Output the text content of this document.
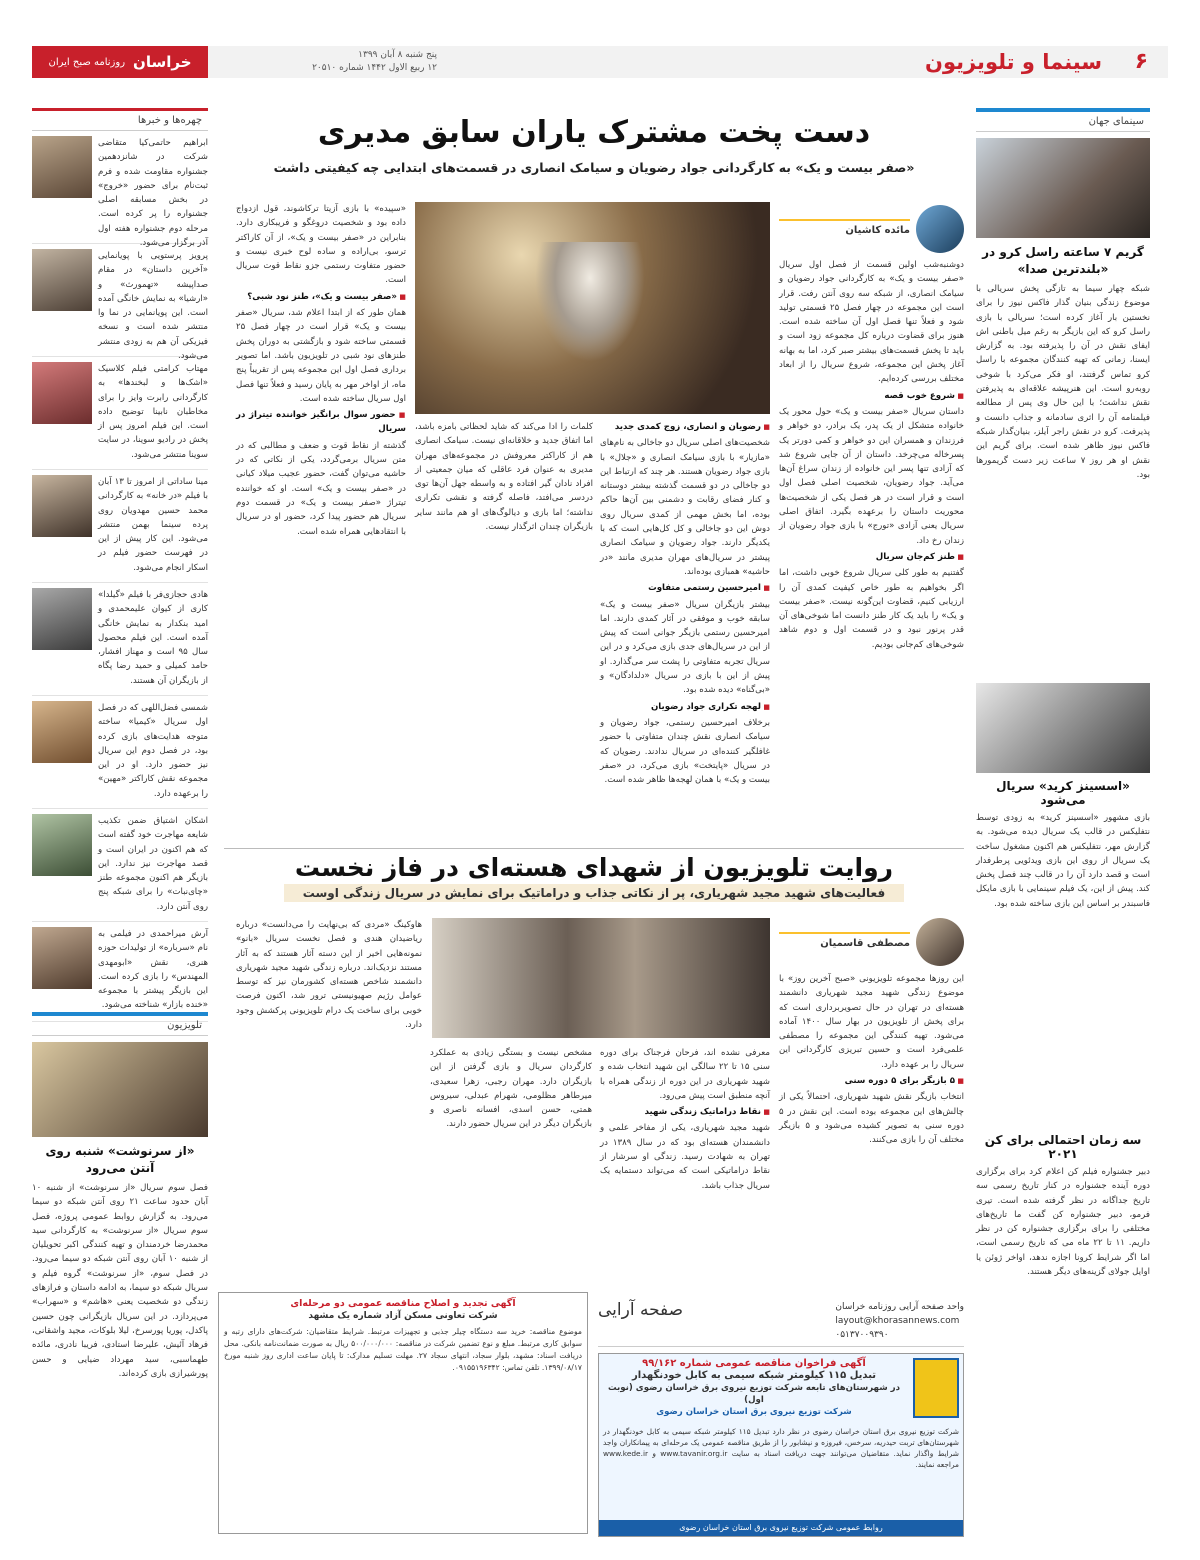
۶
سینما و تلویزیون
پنج شنبه ۸ آبان ۱۳۹۹
۱۲ ربیع الاول ۱۴۴۲ شماره ۲۰۵۱۰
خراسان
روزنامه صبح ایران
سینمای جهان
گریم ۷ ساعته راسل کرو در «بلندترین صدا»
شبکه چهار سیما به تازگی پخش سریالی با موضوع زندگی بنیان گذار فاکس نیوز را برای نخستین بار آغاز کرده است؛ سریالی با بازی راسل کرو که این بازیگر به رغم میل باطنی اش ایفای نقش در آن را پذیرفته بود. به گزارش ایسنا، زمانی که تهیه کنندگان مجموعه با راسل کرو تماس گرفتند، او فکر می‌کرد با شوخی روبه‌رو است. این هنرپیشه علاقه‌ای به پذیرفتن نقش نداشت؛ با این حال وی پس از مطالعه فیلمنامه آن را اثری سادمانه و جذاب دانست و پذیرفت. کرو در نقش راجر آیلز، بنیان‌گذار شبکه فاکس نیوز ظاهر شده است. برای گریم این نقش او هر روز ۷ ساعت زیر دست گریمورها بود.
«اسسینز کرید» سریال می‌شود
بازی مشهور «اسسینز کرید» به زودی توسط نتفلیکس در قالب یک سریال دیده می‌شود. به گزارش مهر، نتفلیکس هم اکنون مشغول ساخت یک سریال از روی این بازی ویدئویی پرطرفدار است و قصد دارد آن را در قالب چند فصل پخش کند. پیش از این، یک فیلم سینمایی با بازی مایکل فاسبندر بر اساس این بازی ساخته شده بود.
سه زمان احتمالی برای کن ۲۰۲۱
دبیر جشنواره فیلم کن اعلام کرد برای برگزاری دوره آینده جشنواره در کنار تاریخ رسمی سه تاریخ جداگانه در نظر گرفته شده است. تیری فرمو، دبیر جشنواره کن گفت ما تاریخ‌های مختلفی را برای برگزاری جشنواره کن در نظر داریم. ۱۱ تا ۲۲ ماه می که تاریخ رسمی است، اما اگر شرایط کرونا اجازه ندهد، اواخر ژوئن یا اوایل جولای گزینه‌های دیگر هستند.
چهره‌ها و خبرها
ابراهیم حاتمی‌کیا متقاضی شرکت در شانزدهمین جشنواره مقاومت شده و فرم ثبت‌نام برای حضور «خروج» در بخش مسابقه اصلی جشنواره را پر کرده است. مرحله دوم جشنواره هفته اول آذر برگزار می‌شود.
پرویز پرستویی با پویانمایی «آخرین داستان» در مقام صداپیشه «تهمورث» و «ارشیا» به نمایش خانگی آمده است. این پویانمایی در نما وا منتشر شده است و نسخه فیزیکی آن هم به زودی منتشر می‌شود.
مهتاب کرامتی فیلم کلاسیک «اشک‌ها و لبخندها» به کارگردانی رابرت وایز را برای مخاطبان نابینا توضیح داده است. این فیلم امروز پس از پخش در رادیو سوینا، در سایت سوینا منتشر می‌شود.
مینا ساداتی از امروز تا ۱۳ آبان با فیلم «در خانه» به کارگردانی محمد حسین مهدویان روی پرده سینما بهمن منتشر می‌شود. این کار پیش از این در فهرست حضور فیلم در اسکار انجام می‌شود.
هادی حجازی‌فر با فیلم «گیلدا» کاری از کیوان علیمحمدی و امید بنکدار به نمایش خانگی آمده است. این فیلم محصول سال ۹۵ است و مهناز افشار، حامد کمیلی و حمید رضا پگاه از بازیگران آن هستند.
شمسی فضل‌اللهی که در فصل اول سریال «کیمیا» ساخته متوجه هدایت‌های بازی کرده بود، در فصل دوم این سریال نیز حضور دارد. او در این مجموعه نقش کاراکتر «مهین» را برعهده دارد.
اشکان اشتیاق ضمن تکذیب شایعه مهاجرت خود گفته است که هم اکنون در ایران است و قصد مهاجرت نیز ندارد. این بازیگر هم اکنون مجموعه طنز «چای‌نبات» را برای شبکه پنج روی آنتن دارد.
آرش میراحمدی در فیلمی به نام «سرباره» از تولیدات حوزه هنری، نقش «ابومهدی المهندس» را بازی کرده است. این بازیگر پیشتر با مجموعه «خنده بازار» شناخته می‌شود.
تلویزیون
«از سرنوشت» شنبه روی آنتن می‌رود
فصل سوم سریال «از سرنوشت» از شنبه ۱۰ آبان حدود ساعت ۲۱ روی آنتن شبکه دو سیما می‌رود. به گزارش روابط عمومی پروژه، فصل سوم سریال «از سرنوشت» به کارگردانی سید محمدرضا خردمندان و تهیه کنندگی اکبر تحویلیان از شنبه ۱۰ آبان روی آنتن شبکه دو سیما می‌رود. در فصل سوم، «از سرنوشت» گروه فیلم و سریال شبکه دو سیما، به ادامه داستان و فرازهای زندگی دو شخصیت یعنی «هاشم» و «سهراب» می‌پردازد. در این سریال بازیگرانی چون حسین پاکدل، پوریا پورسرخ، لیلا بلوکات، مجید واشقانی، فرهاد آئیش، علیرضا استادی، فریبا نادری، مائده طهماسبی، سید مهرداد ضیایی و حسن پورشیرازی بازی کرده‌اند.
دست پخت مشترک یاران سابق مدیری
«صفر بیست و یک» به کارگردانی جواد رضویان و سیامک انصاری در قسمت‌های ابتدایی چه کیفیتی داشت
مائده کاشیان

دوشنبه‌شب اولین قسمت از فصل اول سریال «صفر بیست و یک» به کارگردانی جواد رضویان و سیامک انصاری، از شبکه سه روی آنتن رفت. قرار است این مجموعه در چهار فصل ۲۵ قسمتی تولید شود و فعلاً تنها فصل اول آن ساخته شده است. هنوز برای قضاوت درباره کل مجموعه زود است و باید تا پخش قسمت‌های بیشتر صبر کرد، اما به بهانه آغاز پخش این مجموعه، شروع سریال را از ابعاد مختلف بررسی کرده‌ایم.

■ شروع خوب قصه

داستان سریال «صفر بیست و یک» حول محور یک خانواده متشکل از یک پدر، یک برادر، دو خواهر و فرزندان و همسران این دو خواهر و کمی دورتر یک پسرخاله می‌چرخد. داستان از آن جایی شروع شد که آزادی تنها پسر این خانواده از زندان سراغ آن‌ها می‌آید. جواد رضویان، شخصیت اصلی فصل اول است و قرار است در هر فصل یکی از شخصیت‌ها محوریت داستان را برعهده بگیرد. اتفاق اصلی سریال یعنی آزادی «تورج» با بازی جواد رضویان از زندان رخ داد.

■ طنز کم‌جان سریال

گفتنیم به طور کلی سریال شروع خوبی داشت، اما اگر بخواهیم به طور خاص کیفیت کمدی آن را ارزیابی کنیم، قضاوت این‌گونه نیست. «صفر بیست و یک» را باید یک کار طنز دانست اما شوخی‌های آن قدر پرنور نبود و در قسمت اول و دوم شاهد شوخی‌های کم‌جانی بودیم.

■ رضویان و انصاری، زوج کمدی جدید

شخصیت‌های اصلی سریال دو جاخالی به نام‌های «مازیار» با بازی سیامک انصاری و «جلال» با بازی جواد رضویان هستند. هر چند که ارتباط این دو جاخالی در دو قسمت گذشته بیشتر دوستانه و کنار فضای رقابت و دشمنی بین آن‌ها حاکم بوده، اما بخش مهمی از کمدی سریال روی دوش این دو جاخالی و کل کل‌هایی است که با یکدیگر دارند. جواد رضویان و سیامک انصاری پیشتر در سریال‌های مهران مدیری مانند «در حاشیه» همبازی بوده‌اند.

■ امیرحسین رستمی متفاوت

بیشتر بازیگران سریال «صفر بیست و یک» سابقه خوب و موفقی در آثار کمدی دارند. اما امیرحسین رستمی بازیگر جوانی است که پیش از این در سریال‌های جدی بازی می‌کرد و در این سریال تجربه متفاوتی را پشت سر می‌گذارد. او پیش از این با بازی در سریال «دلدادگان» و «بی‌گناه» دیده شده بود.

■ لهجه تکراری جواد رضویان

برخلاف امیرحسین رستمی، جواد رضویان و سیامک انصاری نقش چندان متفاوتی با حضور غافلگیر کننده‌ای در سریال ندادند. رضویان که در سریال «پایتخت» بازی می‌کرد، در «صفر بیست و یک» با همان لهجه‌ها ظاهر شده است.

کلمات را ادا می‌کند که شاید لحظاتی بامزه باشد، اما اتفاق جدید و خلاقانه‌ای نیست. سیامک انصاری هم از کاراکتر معروفش در مجموعه‌های مهران مدیری به عنوان فرد عاقلی که میان جمعیتی از افراد نادان گیر افتاده و به واسطه جهل آن‌ها توی دردسر می‌افتد، فاصله گرفته و نقشی تکراری نداشته؛ اما بازی و دیالوگ‌های او هم مانند سایر بازیگران چندان اثرگذار نیست.

«سپیده» با بازی آزیتا ترکاشوند، قول ازدواج داده بود و شخصیت دروغگو و فریبکاری دارد. بنابراین در «صفر بیست و یک»، از آن کاراکتر ترسو، بی‌اراده و ساده لوح خبری نیست و حضور متفاوت رستمی جزو نقاط قوت سریال است.

■ «صفر بیست و یک»، طنز نود شبی؟

همان طور که از ابتدا اعلام شد، سریال «صفر بیست و یک» قرار است در چهار فصل ۲۵ قسمتی ساخته شود و بازگشتی به دوران پخش طنزهای نود شبی در تلویزیون باشد. اما تصویر برداری فصل اول این مجموعه پس از تقریباً پنج ماه، از اواخر مهر به پایان رسید و فعلاً تنها فصل اول سریال ساخته شده است.

■ حضور سوال برانگیز خواننده تیتراژ در سریال

گذشته از نقاط قوت و ضعف و مطالبی که در متن سریال برمی‌گردد، یکی از نکاتی که در حاشیه می‌توان گفت، حضور عجیب میلاد کیانی در «صفر بیست و یک» است. او که خواننده تیتراژ «صفر بیست و یک» در قسمت دوم سریال هم حضور پیدا کرد، حضور او در سریال با انتقادهایی همراه شده است.

روایت تلویزیون از شهدای هسته‌ای در فاز نخست
فعالیت‌های شهید مجید شهریاری، پر از نکاتی جذاب و دراماتیک برای نمایش در سریال زندگی اوست
مصطفی قاسمیان

این روزها مجموعه تلویزیونی «صبح آخرین روز» با موضوع زندگی شهید مجید شهریاری دانشمند هسته‌ای در تهران در حال تصویربرداری است که برای پخش از تلویزیون در بهار سال ۱۴۰۰ آماده می‌شود. تهیه کنندگی این مجموعه را مصطفی علمی‌فرد است و حسین تبریزی کارگردانی این سریال را بر عهده دارد.

■ ۵ بازیگر برای ۵ دوره سنی

انتخاب بازیگر نقش شهید شهریاری، احتمالاً یکی از چالش‌های این مجموعه بوده است. این نقش در ۵ دوره سنی به تصویر کشیده می‌شود و ۵ بازیگر مختلف آن را بازی می‌کنند.

معرفی نشده اند، فرحان فرجناک برای دوره سنی ۱۵ تا ۲۲ سالگی این شهید انتخاب شده و شهید شهریاری در این دوره از زندگی همراه با آنچه منطبق است پیش می‌رود.

■ نقاط دراماتیک زندگی شهید

شهید مجید شهریاری، یکی از مفاخر علمی و دانشمندان هسته‌ای بود که در سال ۱۳۸۹ در تهران به شهادت رسید. زندگی او سرشار از نقاط دراماتیکی است که می‌تواند دستمایه یک سریال جذاب باشد.

مشخص نیست و بستگی زیادی به عملکرد کارگردان سریال و بازی گرفتن از این بازیگران دارد. مهران رجبی، زهرا سعیدی، میرطاهر مظلومی، شهرام عبدلی، سیروس همتی، حسن اسدی، افسانه ناصری و بازیگران دیگر در این سریال حضور دارند.

هاوکینگ «مردی که بی‌نهایت را می‌دانست» درباره ریاضیدان هندی و فصل نخست سریال «بانو» نمونه‌هایی اخیر از این دسته آثار هستند که به آثار مستند نزدیک‌اند. درباره زندگی شهید مجید شهریاری دانشمند شاخص هسته‌ای کشورمان نیز که توسط عوامل رژیم صهیونیستی ترور شد، اکنون فرصت خوبی برای ساخت یک درام تلویزیونی پرکشش وجود دارد.

آگهی تجدید و اصلاح مناقصه عمومی دو مرحله‌ای
شرکت تعاونی مسکن آزاد شماره یک مشهد
موضوع مناقصه: خرید سه دستگاه چیلر جذبی و تجهیزات مرتبط. شرایط متقاضیان: شرکت‌های دارای رتبه و سوابق کاری مرتبط. مبلغ و نوع تضمین شرکت در مناقصه: ۵۰۰/۰۰۰/۰۰۰ ریال به صورت ضمانت‌نامه بانکی. محل دریافت اسناد: مشهد، بلوار سجاد، انتهای سجاد ۲۷. مهلت تسلیم مدارک: تا پایان ساعت اداری روز شنبه مورخ ۱۳۹۹/۰۸/۱۷. تلفن تماس: ۰۹۱۵۵۱۹۶۳۴۲.
واحد صفحه آرایی روزنامه خراسان
layout@khorasannews.com
۰۵۱۳۷۰۰۹۳۹۰
صفحه آرایی
آگهی فراخوان مناقصه عمومی شماره ۹۹/۱۶۲
تبدیل ۱۱۵ کیلومتر شبکه سیمی به کابل خودنگهدار
در شهرستان‌های تابعه شرکت توزیع نیروی برق خراسان رضوی (نوبت اول)
شرکت توزیع نیروی برق استان خراسان رضوی
شرکت توزیع نیروی برق استان خراسان رضوی در نظر دارد تبدیل ۱۱۵ کیلومتر شبکه سیمی به کابل خودنگهدار در شهرستان‌های تربت حیدریه، سرخس، فیروزه و نیشابور را از طریق مناقصه عمومی یک مرحله‌ای به پیمانکاران واجد شرایط واگذار نماید. متقاضیان می‌توانند جهت دریافت اسناد به سایت www.tavanir.org.ir و www.kede.ir مراجعه نمایند.
روابط عمومی شرکت توزیع نیروی برق استان خراسان رضوی
